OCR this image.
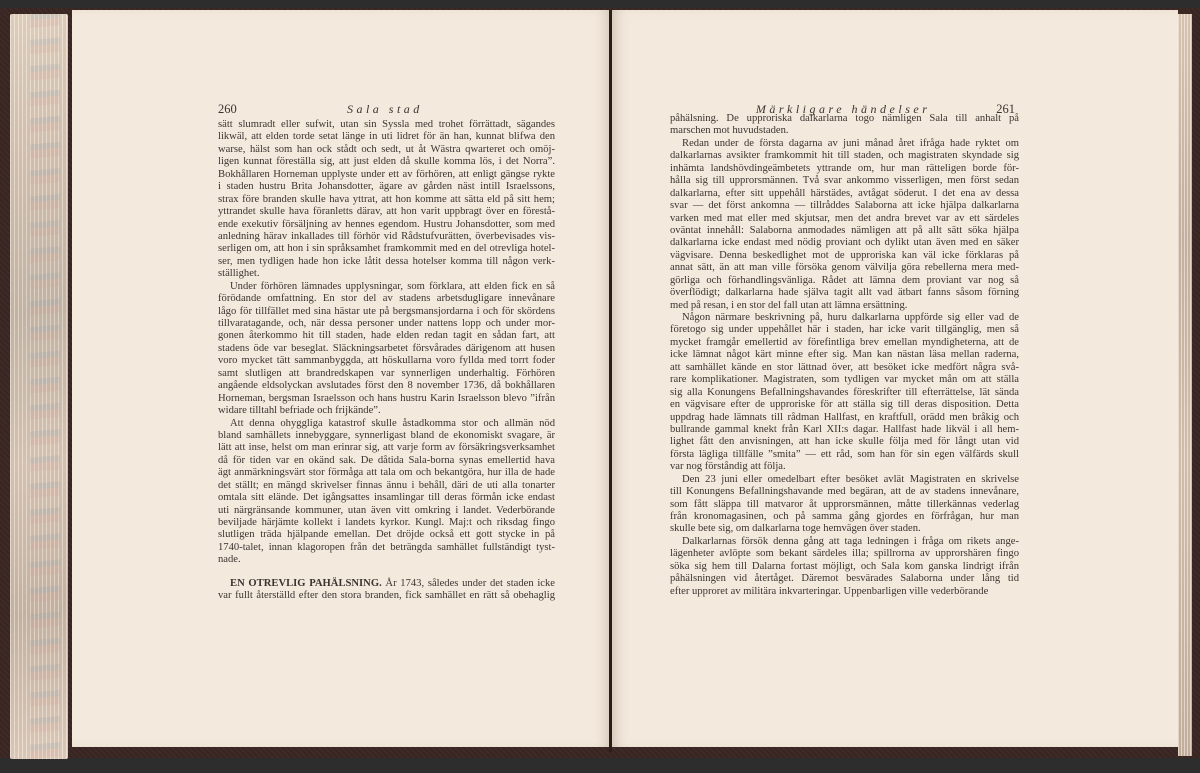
260	Sala stad	Märkligare händelser	261
sätt slumradt eller sufwit, utan sin Syssla med trohet förrättadt, sägandes
likwäl, att elden torde setat länge in uti lidret för än han, kunnat blifwa den
warse, hälst som han ock stådt och sedt, ut åt Wästra qwarteret och omöj-
ligen kunnat föreställa sig, att just elden då skulle komma lös, i det Norra”.
Bokhållaren Horneman upplyste under ett av förhören, att enligt gängse rykte
i staden hustru Brita Johansdotter, ägare av gården näst intill Israelssons,
strax före branden skulle hava yttrat, att hon komme att sätta eld på sitt hem;
yttrandet skulle hava föranletts därav, att hon varit uppbragt över en förestå-
ende exekutiv försäljning av hennes egendom. Hustru Johansdotter, som med
anledning härav inkallades till förhör vid Rådstufvurätten, överbevisades vis-
serligen om, att hon i sin språksamhet framkommit med en del otrevliga hotel-
ser, men tydligen hade hon icke låtit dessa hotelser komma till någon verk-
ställighet.
Under förhören lämnades upplysningar, som förklara, att elden fick en så
förödande omfattning. En stor del av stadens arbetsdugligare innevånare
lågo för tillfället med sina hästar ute på bergsmansjordarna i och för skördens
tillvaratagande, och, när dessa personer under nattens lopp och under mor-
gonen återkommo hit till staden, hade elden redan tagit en sådan fart, att
stadens öde var beseglat. Släckningsarbetet försvårades därigenom att husen
voro mycket tätt sammanbyggda, att höskullarna voro fyllda med torrt foder
samt slutligen att brandredskapen var synnerligen underhaltig. Förhören
angående eldsolyckan avslutades först den 8 november 1736, då bokhållaren
Horneman, bergsman Israelsson och hans hustru Karin Israelsson blevo ”ifrån
widare tilltahl befriade och frijkände”.
Att denna ohyggliga katastrof skulle åstadkomma stor och allmän nöd
bland samhällets innebyggare, synnerligast bland de ekonomiskt svagare, är
lätt att inse, helst om man erinrar sig, att varje form av försäkringsverksamhet
då för tiden var en okänd sak. De dåtida Sala-borna synas emellertid hava
ägt anmärkningsvärt stor förmåga att tala om och bekantgöra, hur illa de hade
det ställt; en mängd skrivelser finnas ännu i behåll, däri de uti alla tonarter
omtala sitt elände. Det igångsattes insamlingar till deras förmån icke endast
uti närgränsande kommuner, utan även vitt omkring i landet. Vederbörande
beviljade härjämte kollekt i landets kyrkor. Kungl. Maj:t och riksdag fingo
slutligen träda hjälpande emellan. Det dröjde också ett gott stycke in på
1740-talet, innan klagoropen från det beträngda samhället fullständigt tyst-
nade.
EN OTREVLIG PAHÄLSNING. År 1743, således under det staden icke
var fullt återställd efter den stora branden, fick samhället en rätt så obehaglig
påhälsning. De upproriska dalkarlarna togo nämligen Sala till anhalt på
marschen mot huvudstaden.
Redan under de första dagarna av juni månad året ifråga hade ryktet om
dalkarlarnas avsikter framkommit hit till staden, och magistraten skyndade sig
inhämta landshövdingeämbetets yttrande om, hur man rätteligen borde för-
hålla sig till upprorsmännen. Två svar ankommo visserligen, men först sedan
dalkarlarna, efter sitt uppehåll härstädes, avtågat söderut. I det ena av dessa
svar — det först ankomna — tillråddes Salaborna att icke hjälpa dalkarlarna
varken med mat eller med skjutsar, men det andra brevet var av ett särdeles
oväntat innehåll: Salaborna anmodades nämligen att på allt sätt söka hjälpa
dalkarlarna icke endast med nödig proviant och dylikt utan även med en säker
vägvisare. Denna beskedlighet mot de upproriska kan väl icke förklaras på
annat sätt, än att man ville försöka genom välvilja göra rebellerna mera med-
görliga och förhandlingsvänliga. Rådet att lämna dem proviant var nog så
överflödigt; dalkarlarna hade själva tagit allt vad ätbart fanns såsom förning
med på resan, i en stor del fall utan att lämna ersättning.
Någon närmare beskrivning på, huru dalkarlarna uppförde sig eller vad de
företogo sig under uppehållet här i staden, har icke varit tillgänglig, men så
mycket framgår emellertid av förefintliga brev emellan myndigheterna, att de
icke lämnat något kärt minne efter sig. Man kan nästan läsa mellan raderna,
att samhället kände en stor lättnad över, att besöket icke medfört några svå-
rare komplikationer. Magistraten, som tydligen var mycket mån om att ställa
sig alla Konungens Befallningshavandes föreskrifter till efterrättelse, lät sända
en vägvisare efter de upproriske för att ställa sig till deras disposition. Detta
uppdrag hade lämnats till rådman Hallfast, en kraftfull, orädd men bråkig och
bullrande gammal knekt från Karl XII:s dagar. Hallfast hade likväl i all hem-
lighet fått den anvisningen, att han icke skulle följa med för långt utan vid
första lägliga tillfälle ”smita” — ett råd, som han för sin egen välfärds skull
var nog förståndig att följa.
Den 23 juni eller omedelbart efter besöket avlät Magistraten en skrivelse
till Konungens Befallningshavande med begäran, att de av stadens innevånare,
som fått släppa till matvaror åt upprorsmännen, måtte tillerkännas vederlag
från kronomagasinen, och på samma gång gjordes en förfrågan, hur man
skulle bete sig, om dalkarlarna toge hemvägen över staden.
Dalkarlarnas försök denna gång att taga ledningen i fråga om rikets ange-
lägenheter avlöpte som bekant särdeles illa; spillrorna av upprorshären fingo
söka sig hem till Dalarna fortast möjligt, och Sala kom ganska lindrigt ifrån
påhälsningen vid återtåget. Däremot besvärades Salaborna under lång tid
efter upproret av militära inkvarteringar. Uppenbarligen ville vederbörande
